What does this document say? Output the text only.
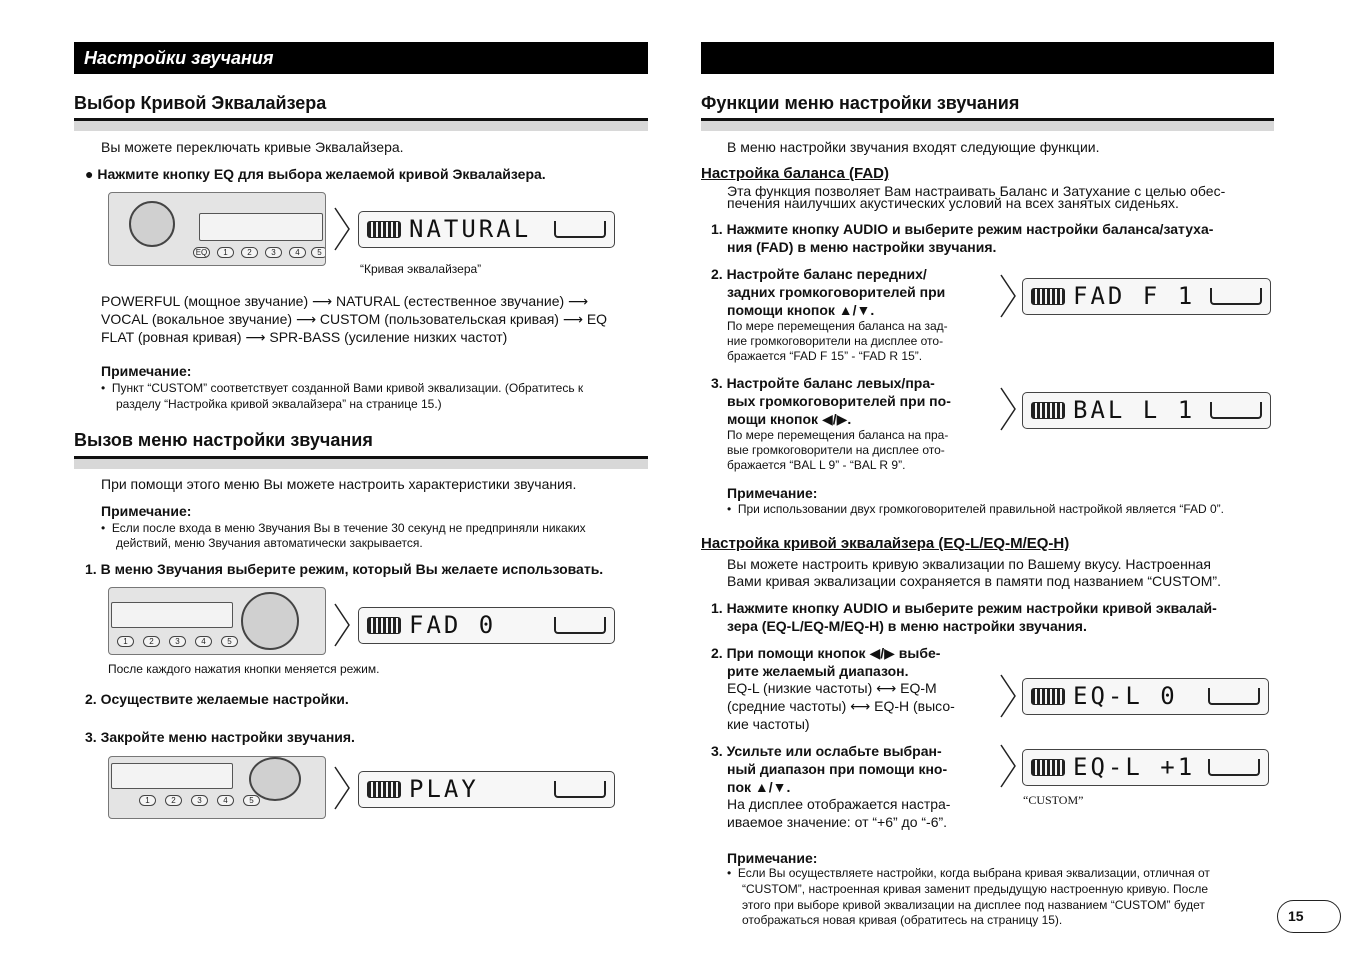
Настройки звучания
Выбор Кривой Эквалайзера
Вы можете переключать кривые Эквалайзера.
● Нажмите кнопку EQ для выбора желаемой кривой Эквалайзера.
EQ	1	2	3	4	5
NATURAL
“Кривая эквалайзера”
POWERFUL (мощное звучание) ⟶ NATURAL (естественное звучание) ⟶
VOCAL (вокальное звучание) ⟶ CUSTOM (пользовательская кривая) ⟶ EQ
FLAT (ровная кривая) ⟶ SPR-BASS (усиление низких частот)
Примечание:
•  Пункт “CUSTOM” соответствует созданной Вами кривой эквализации. (Обратитесь к
разделу “Настройка кривой эквалайзера” на странице 15.)
Вызов меню настройки звучания
При помощи этого меню Вы можете настроить характеристики звучания.
Примечание:
•  Если после входа в меню Звучания Вы в течение 30 секунд не предприняли никаких
действий, меню Звучания автоматически закрывается.
1. В меню Звучания выберите режим, который Вы желаете использовать.
1	2	3	4	5
FAD 0
После каждого нажатия кнопки меняется режим.
2. Осуществите желаемые настройки.
3. Закройте меню настройки звучания.
1	2	3	4	5	PLAY
Функции меню настройки звучания
В меню настройки звучания входят следующие функции.
Настройка баланса (FAD)
Эта функция позволяет Вам настраивать Баланс и Затухание с целью обес-
печения наилучших акустических условий на всех занятых сиденьях.
1. Нажмите кнопку AUDIO и выберите режим настройки баланса/затуха-
ния (FAD) в меню настройки звучания.
2. Настройте баланс передних/
задних громкоговорителей при
помощи кнопок ▲/▼.
По мере перемещения баланса на зад-
ние громкоговорители на дисплее ото-
бражается “FAD F 15” - “FAD R 15”.
FAD F 1
3. Настройте баланс левых/пра-
вых громкоговорителей при по-
мощи кнопок ◀/▶.
По мере перемещения баланса на пра-
вые громкоговорители на дисплее ото-
бражается “BAL L 9” - “BAL R 9”.
BAL L 1
Примечание:
•  При использовании двух громкоговорителей правильной настройкой является “FAD 0”.
Настройка кривой эквалайзера (EQ-L/EQ-M/EQ-H)
Вы можете настроить кривую эквализации по Вашему вкусу. Настроенная
Вами кривая эквализации сохраняется в памяти под названием “CUSTOM”.
1. Нажмите кнопку AUDIO и выберите режим настройки кривой эквалай-
зера (EQ-L/EQ-M/EQ-H) в меню настройки звучания.
2. При помощи кнопок ◀/▶ выбе-
рите желаемый диапазон.
EQ-L (низкие частоты) ⟷ EQ-M
(средние частоты) ⟷ EQ-H (высо-
кие частоты)
EQ-L 0
3. Усильте или ослабьте выбран-
ный диапазон при помощи кно-
пок ▲/▼.
На дисплее отображается настра-
иваемое значение: от “+6” до “-6”.
EQ-L +1
“CUSTOM”
Примечание:
•  Если Вы осуществляете настройки, когда выбрана кривая эквализации, отличная от
“CUSTOM”, настроенная кривая заменит предыдущую настроенную кривую. После
этого при выборе кривой эквализации на дисплее под названием “CUSTOM” будет
отображаться новая кривая (обратитесь на страницу 15).	15
